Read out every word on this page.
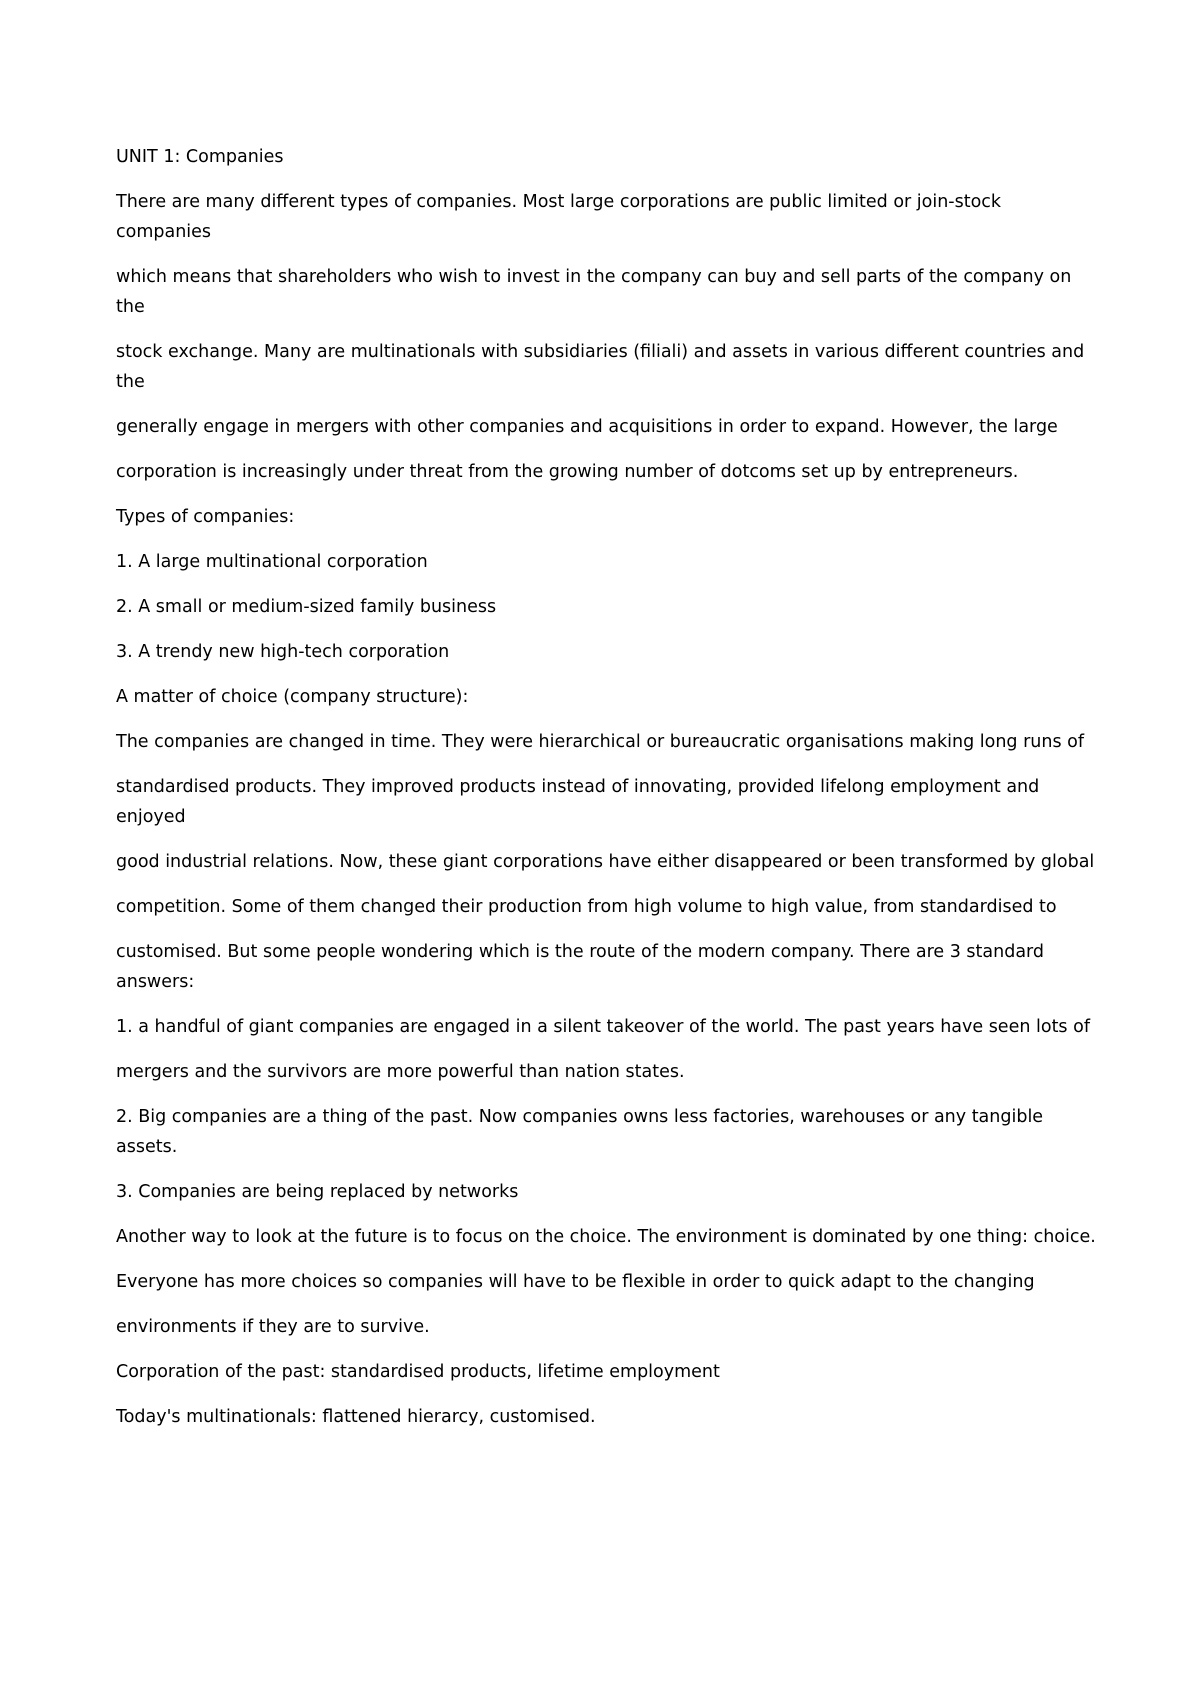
UNIT 1: Companies

There are many different types of companies. Most large corporations are public limited or join-stock companies

which means that shareholders who wish to invest in the company can buy and sell parts of the company on the

stock exchange. Many are multinationals with subsidiaries (filiali) and assets in various different countries and the

generally engage in mergers with other companies and acquisitions in order to expand. However, the large

corporation is increasingly under threat from the growing number of dotcoms set up by entrepreneurs.

Types of companies:

1. A large multinational corporation

2. A small or medium-sized family business

3. A trendy new high-tech corporation

A matter of choice (company structure):

The companies are changed in time. They were hierarchical or bureaucratic organisations making long runs of

standardised products. They improved products instead of innovating, provided lifelong employment and enjoyed

good industrial relations. Now, these giant corporations have either disappeared or been transformed by global

competition. Some of them changed their production from high volume to high value, from standardised to

customised. But some people wondering which is the route of the modern company. There are 3 standard answers:

1. a handful of giant companies are engaged in a silent takeover of the world. The past years have seen lots of

mergers and the survivors are more powerful than nation states.

2. Big companies are a thing of the past. Now companies owns less factories, warehouses or any tangible assets.

3. Companies are being replaced by networks

Another way to look at the future is to focus on the choice. The environment is dominated by one thing: choice.

Everyone has more choices so companies will have to be flexible in order to quick adapt to the changing

environments if they are to survive.

Corporation of the past: standardised products, lifetime employment

Today's multinationals: flattened hierarcy, customised.
